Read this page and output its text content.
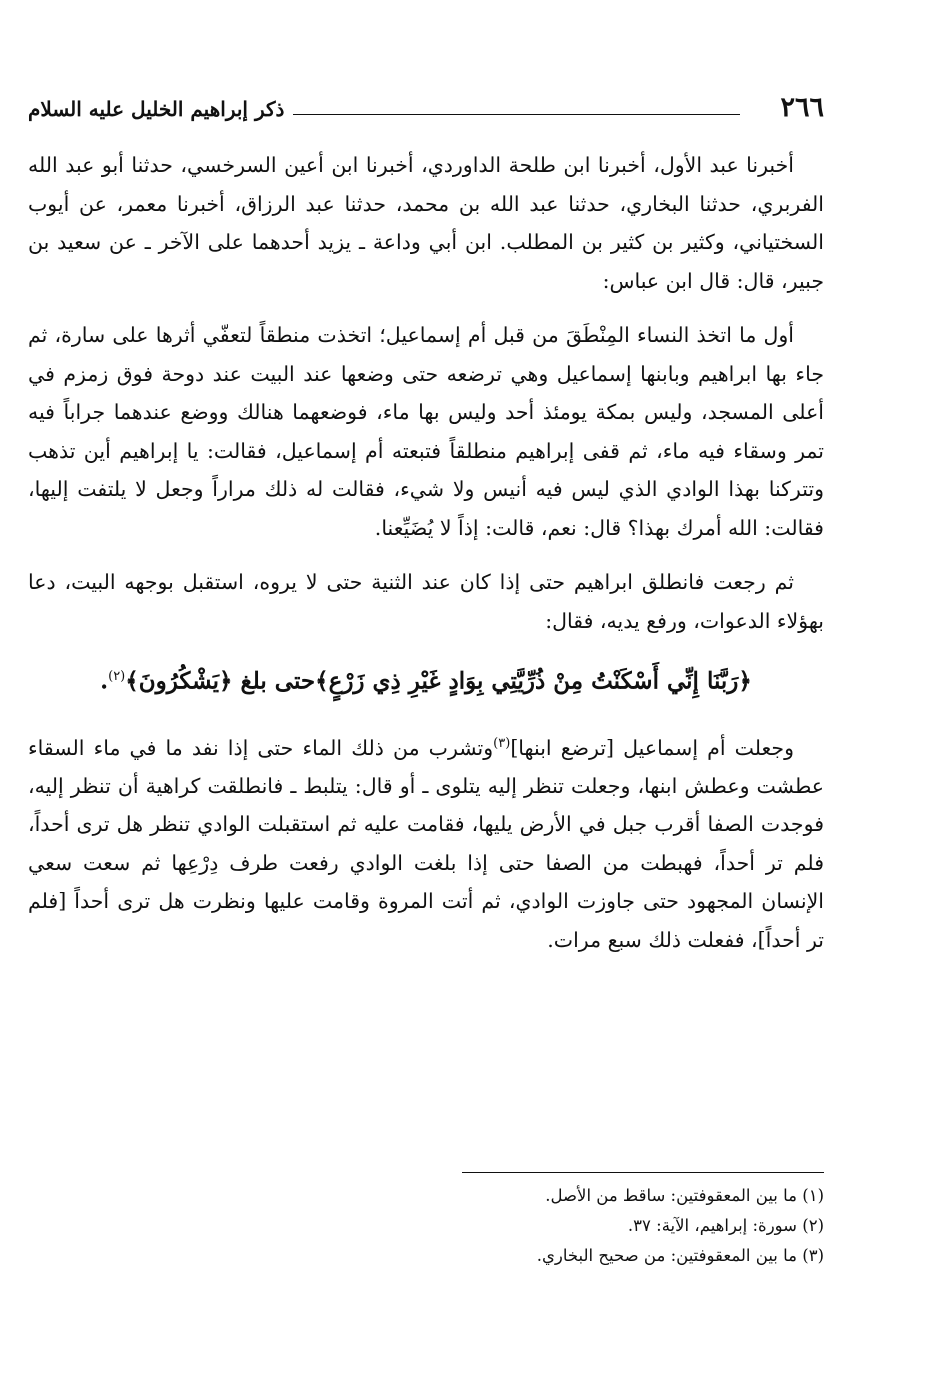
٢٦٦
ذكر إبراهيم الخليل عليه السلام

أخبرنا عبد الأول، أخبرنا ابن طلحة الداوردي، أخبرنا ابن أعين السرخسي، حدثنا أبو عبد الله الفربري، حدثنا البخاري، حدثنا عبد الله بن محمد، حدثنا عبد الرزاق، أخبرنا معمر، عن أيوب السختياني، وكثير بن كثير بن المطلب. ابن أبي وداعة ـ يزيد أحدهما على الآخر ـ عن سعيد بن جبير، قال: قال ابن عباس:

أول ما اتخذ النساء المِنْطَقَ من قبل أم إسماعيل؛ اتخذت منطقاً لتعفّي أثرها على سارة، ثم جاء بها ابراهيم وبابنها إسماعيل وهي ترضعه حتى وضعها عند البيت عند دوحة فوق زمزم في أعلى المسجد، وليس بمكة يومئذ أحد وليس بها ماء، فوضعهما هنالك ووضع عندهما جراباً فيه تمر وسقاء فيه ماء، ثم قفى إبراهيم منطلقاً فتبعته أم إسماعيل، فقالت: يا إبراهيم أين تذهب وتتركنا بهذا الوادي الذي ليس فيه أنيس ولا شيء، فقالت له ذلك مراراً وجعل لا يلتفت إليها، فقالت: الله أمرك بهذا؟ قال: نعم، قالت: إذاً لا يُضَيِّعنا.

ثم رجعت فانطلق ابراهيم حتى إذا كان عند الثنية حتى لا يروه، استقبل بوجهه البيت، دعا بهؤلاء الدعوات، ورفع يديه، فقال:

﴿رَبَّنَا إِنِّي أَسْكَنْتُ مِنْ ذُرِّيَّتِي بِوَادٍ غَيْرِ ذِي زَرْعٍ﴾حتى بلغ ﴿يَشْكُرُونَ﴾$^{(٢)}$.

وجعلت أم إسماعيل [ترضع ابنها]$^{(٣)}$وتشرب من ذلك الماء حتى إذا نفد ما في ماء السقاء عطشت وعطش ابنها، وجعلت تنظر إليه يتلوى ـ أو قال: يتلبط ـ فانطلقت كراهية أن تنظر إليه، فوجدت الصفا أقرب جبل في الأرض يليها، فقامت عليه ثم استقبلت الوادي تنظر هل ترى أحداً، فلم تر أحداً، فهبطت من الصفا حتى إذا بلغت الوادي رفعت طرف دِرْعِها ثم سعت سعي الإنسان المجهود حتى جاوزت الوادي، ثم أتت المروة وقامت عليها ونظرت هل ترى أحداً [فلم تر أحداً]، ففعلت ذلك سبع مرات.

(١) ما بين المعقوفتين: ساقط من الأصل.

(٢) سورة: إبراهيم، الآية: ٣٧.

(٣) ما بين المعقوفتين: من صحيح البخاري.
